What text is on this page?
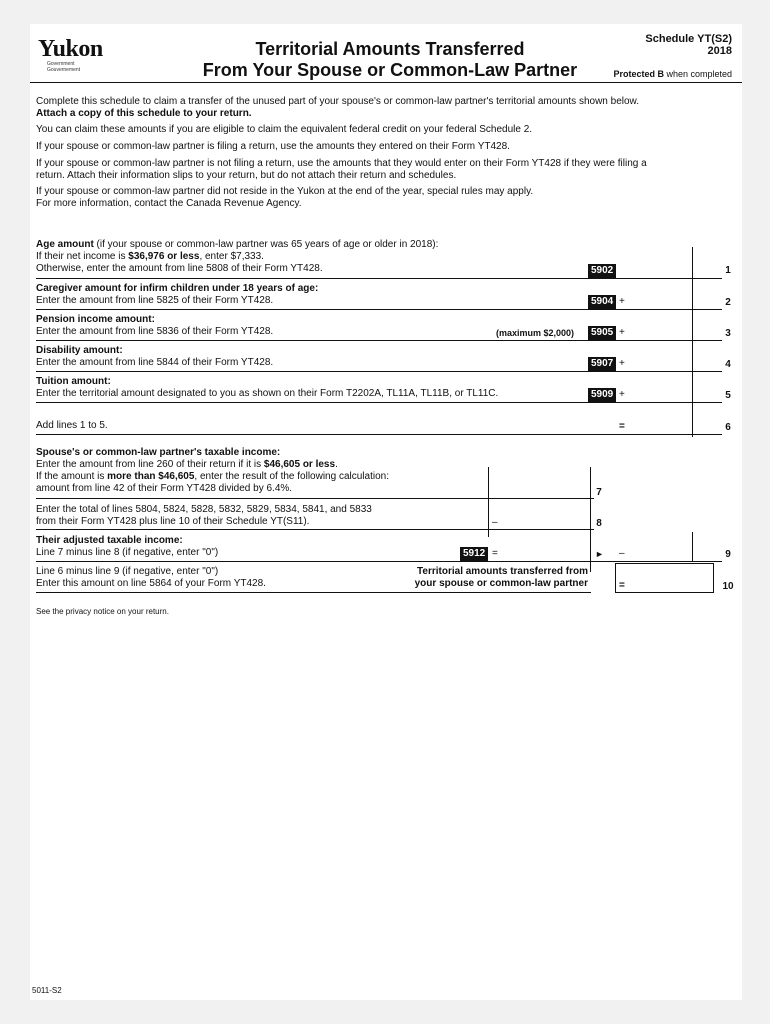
Yukon
Government
Gouvernement
Territorial Amounts Transferred
From Your Spouse or Common-Law Partner
Schedule YT(S2)
2018
Protected B when completed
Complete this schedule to claim a transfer of the unused part of your spouse's or common-law partner's territorial amounts shown below.
Attach a copy of this schedule to your return.
You can claim these amounts if you are eligible to claim the equivalent federal credit on your federal Schedule 2.
If your spouse or common-law partner is filing a return, use the amounts they entered on their Form YT428.
If your spouse or common-law partner is not filing a return, use the amounts that they would enter on their Form YT428 if they were filing a
return. Attach their information slips to your return, but do not attach their return and schedules.
If your spouse or common-law partner did not reside in the Yukon at the end of the year, special rules may apply.
For more information, contact the Canada Revenue Agency.
Age amount (if your spouse or common-law partner was 65 years of age or older in 2018):
If their net income is $36,976 or less, enter $7,333.
Otherwise, enter the amount from line 5808 of their Form YT428.	5902	1
Caregiver amount for infirm children under 18 years of age:
Enter the amount from line 5825 of their Form YT428.	5904 +	2
Pension income amount:
Enter the amount from line 5836 of their Form YT428.	(maximum $2,000)	5905 +	3
Disability amount:
Enter the amount from line 5844 of their Form YT428.	5907 +	4
Tuition amount:
Enter the territorial amount designated to you as shown on their Form T2202A, TL11A, TL11B, or TL11C.	5909 +	5
Add lines 1 to 5.	=	6
Spouse's or common-law partner's taxable income:
Enter the amount from line 260 of their return if it is $46,605 or less.
If the amount is more than $46,605, enter the result of the following calculation:
amount from line 42 of their Form YT428 divided by 6.4%.	7
Enter the total of lines 5804, 5824, 5828, 5832, 5829, 5834, 5841, and 5833
from their Form YT428 plus line 10 of their Schedule YT(S11).	–	8
Their adjusted taxable income:
Line 7 minus line 8 (if negative, enter "0")	5912 =	► –	9
Line 6 minus line 9 (if negative, enter "0")
Enter this amount on line 5864 of your Form YT428.
Territorial amounts transferred from
your spouse or common-law partner	=	10
See the privacy notice on your return.
5011-S2
